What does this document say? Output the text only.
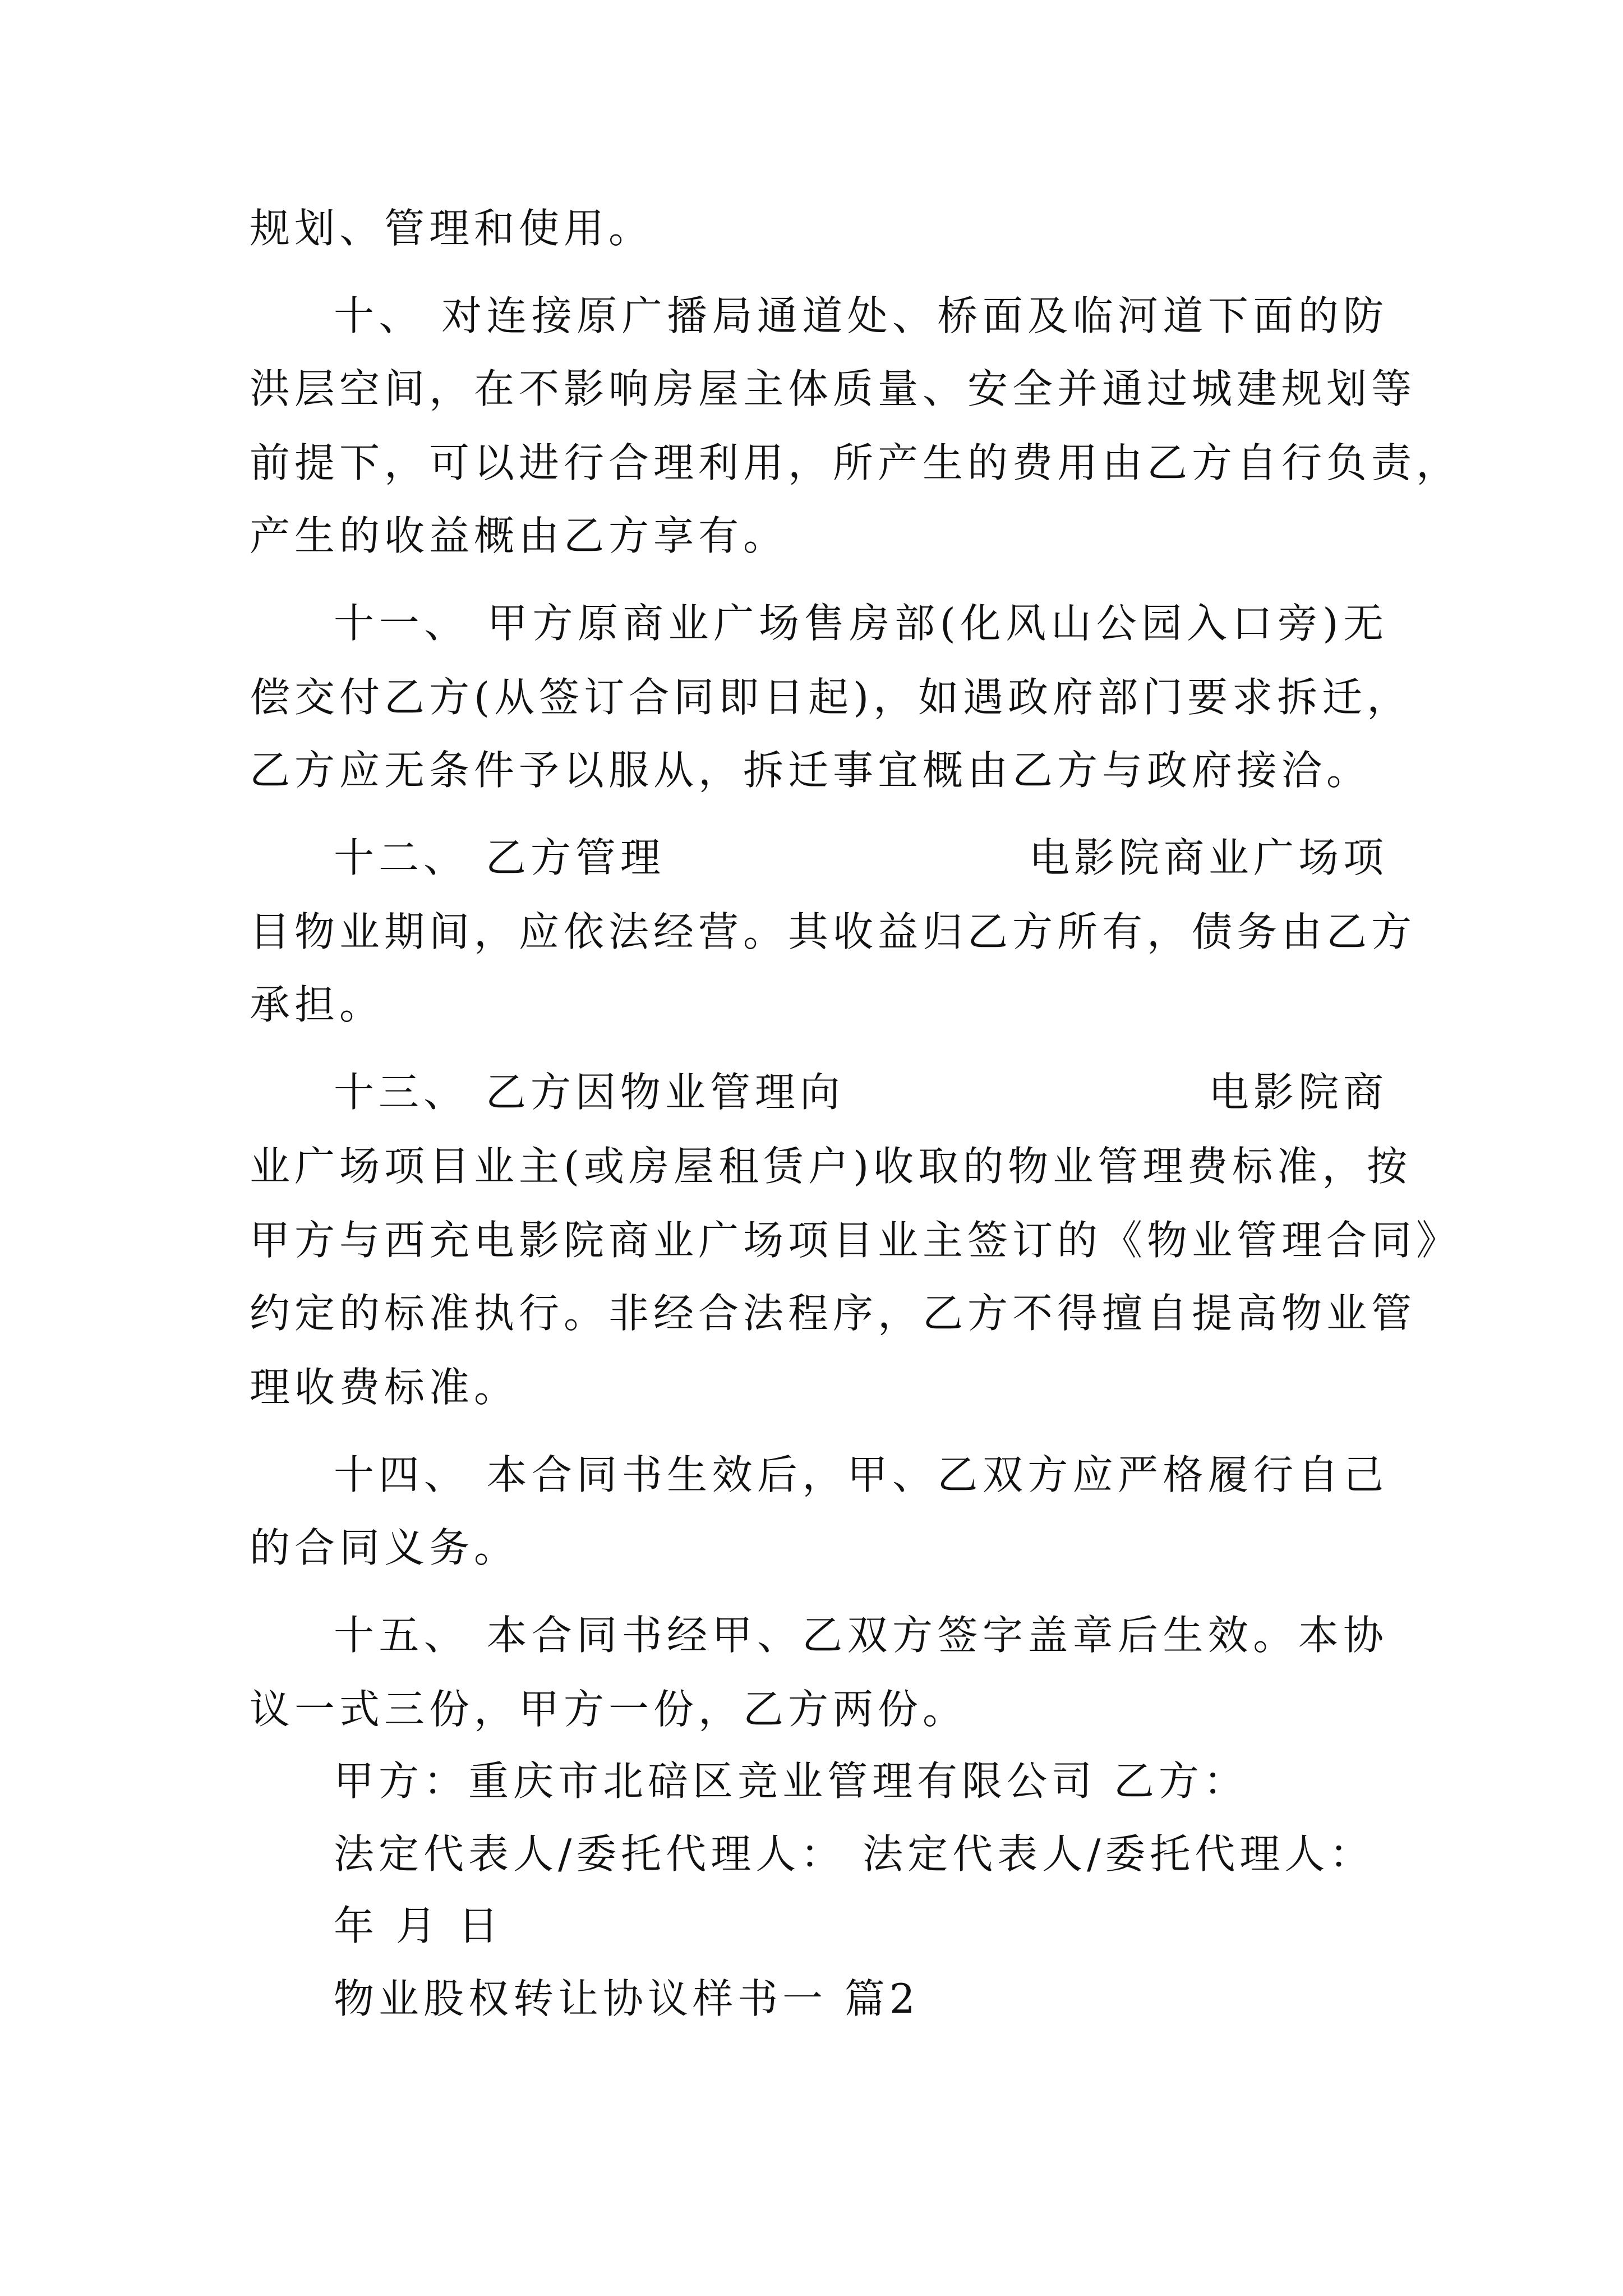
规划、管理和使用。
十、 对连接原广播局通道处、桥面及临河道下面的防
洪层空间，在不影响房屋主体质量、安全并通过城建规划等
前提下，可以进行合理利用，所产生的费用由乙方自行负责，
产生的收益概由乙方享有。
十一、 甲方原商业广场售房部(化风山公园入口旁)无
偿交付乙方(从签订合同即日起)，如遇政府部门要求拆迁，
乙方应无条件予以服从，拆迁事宜概由乙方与政府接洽。

十二、 乙方管理

	电影院商业广场项

目物业期间，应依法经营。其收益归乙方所有，债务由乙方
承担。

十三、 乙方因物业管理向

	电影院商

业广场项目业主(或房屋租赁户)收取的物业管理费标准，按
甲方与西充电影院商业广场项目业主签订的《物业管理合同》
约定的标准执行。非经合法程序，乙方不得擅自提高物业管
理收费标准。
十四、 本合同书生效后，甲、乙双方应严格履行自己
的合同义务。
十五、 本合同书经甲、乙双方签字盖章后生效。本协
议一式三份，甲方一份，乙方两份。
甲方：重庆市北碚区竞业管理有限公司 乙方：
法定代表人/委托代理人： 法定代表人/委托代理人：
年 月 日
物业股权转让协议样书一 篇2
